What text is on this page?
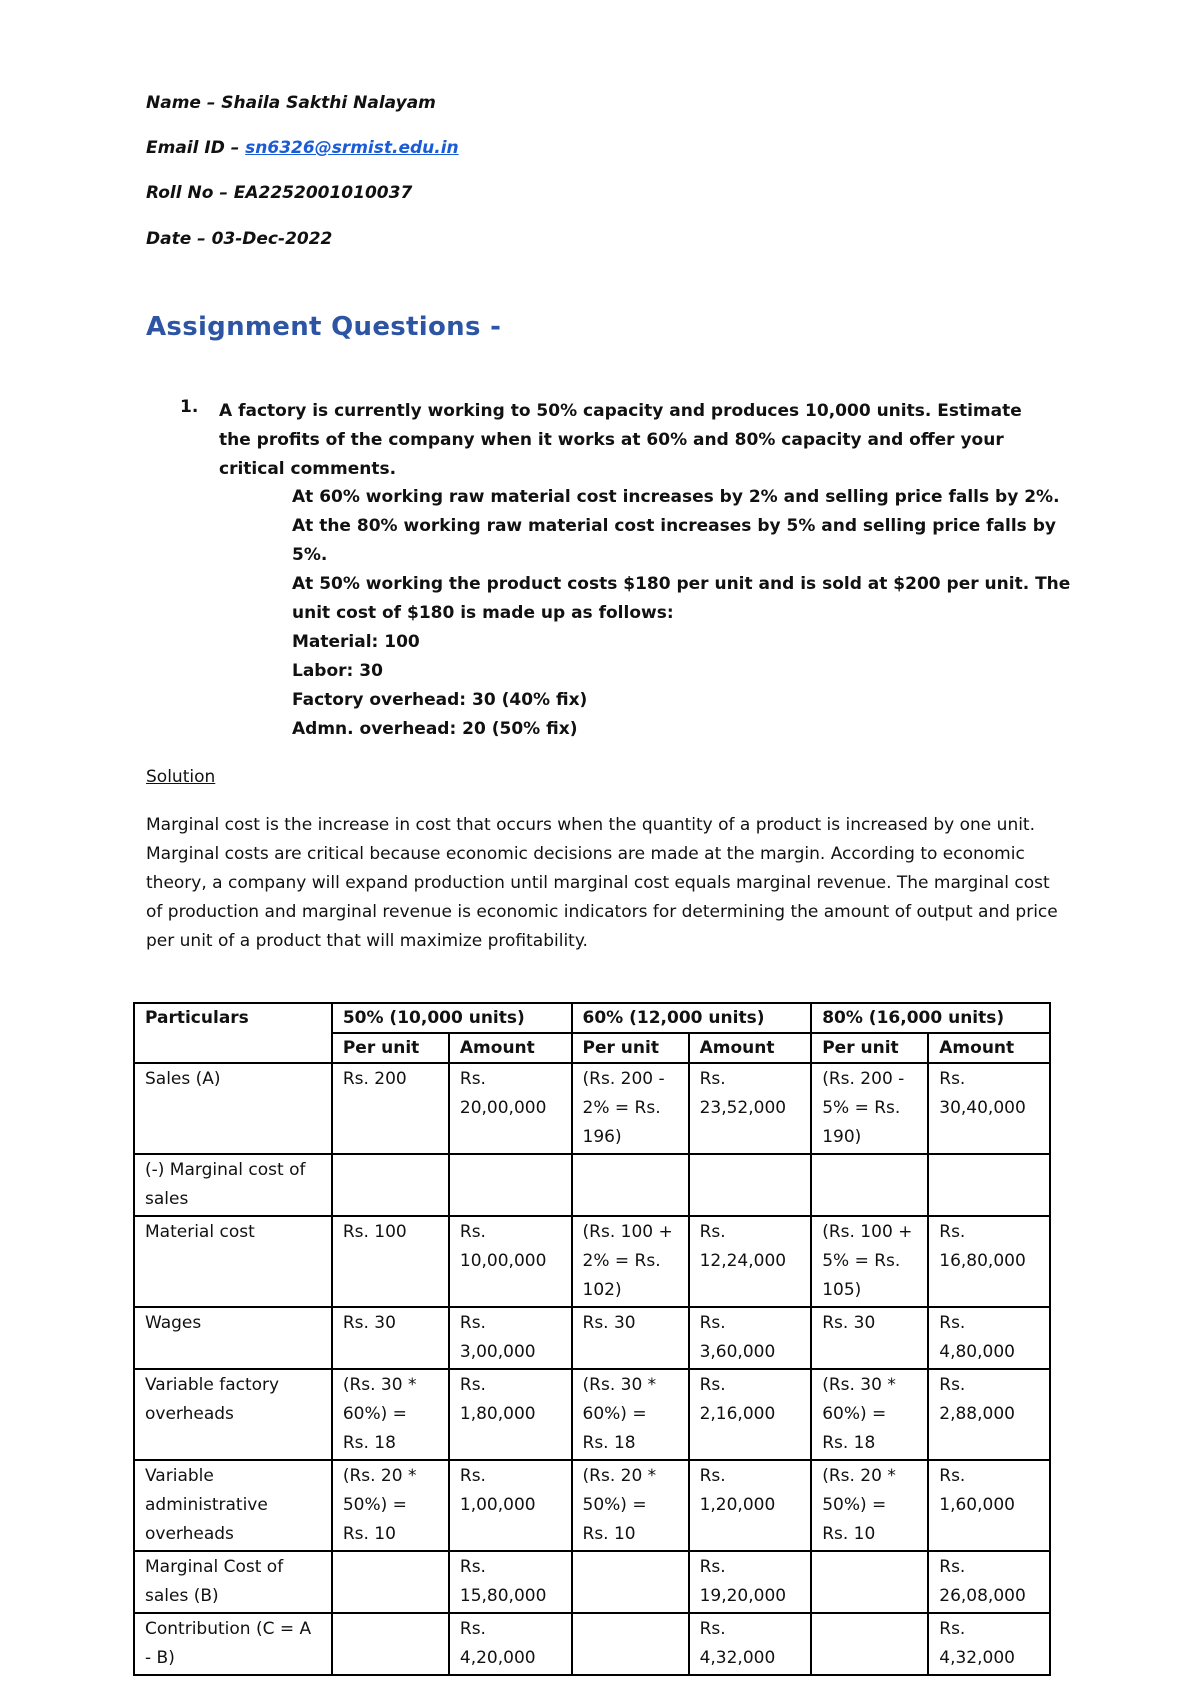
Name – Shaila Sakthi Nalayam
Email ID – sn6326@srmist.edu.in
Roll No – EA2252001010037
Date – 03-Dec-2022
Assignment Questions -
1. A factory is currently working to 50% capacity and produces 10,000 units. Estimate the profits of the company when it works at 60% and 80% capacity and offer your critical comments.
At 60% working raw material cost increases by 2% and selling price falls by 2%.
At the 80% working raw material cost increases by 5% and selling price falls by 5%.
At 50% working the product costs $180 per unit and is sold at $200 per unit. The unit cost of $180 is made up as follows:
Material: 100
Labor: 30
Factory overhead: 30 (40% fix)
Admn. overhead: 20 (50% fix)
Solution
Marginal cost is the increase in cost that occurs when the quantity of a product is increased by one unit. Marginal costs are critical because economic decisions are made at the margin. According to economic theory, a company will expand production until marginal cost equals marginal revenue. The marginal cost of production and marginal revenue is economic indicators for determining the amount of output and price per unit of a product that will maximize profitability.
Particulars	50% (10,000 units)		60% (12,000 units)		80% (16,000 units)	
	Per unit	Amount	Per unit	Amount	Per unit	Amount
Sales (A)	Rs. 200	Rs. 20,00,000	(Rs. 200 - 2% = Rs. 196)	Rs. 23,52,000	(Rs. 200 - 5% = Rs. 190)	Rs. 30,40,000
(-) Marginal cost of sales						
Material cost	Rs. 100	Rs. 10,00,000	(Rs. 100 + 2% = Rs. 102)	Rs. 12,24,000	(Rs. 100 + 5% = Rs. 105)	Rs. 16,80,000
Wages	Rs. 30	Rs. 3,00,000	Rs. 30	Rs. 3,60,000	Rs. 30	Rs. 4,80,000
Variable factory overheads	(Rs. 30 * 60%) = Rs. 18	Rs. 1,80,000	(Rs. 30 * 60%) = Rs. 18	Rs. 2,16,000	(Rs. 30 * 60%) = Rs. 18	Rs. 2,88,000
Variable administrative overheads	(Rs. 20 * 50%) = Rs. 10	Rs. 1,00,000	(Rs. 20 * 50%) = Rs. 10	Rs. 1,20,000	(Rs. 20 * 50%) = Rs. 10	Rs. 1,60,000
Marginal Cost of sales (B)		Rs. 15,80,000		Rs. 19,20,000		Rs. 26,08,000
Contribution (C = A - B)		Rs. 4,20,000		Rs. 4,32,000		Rs. 4,32,000
